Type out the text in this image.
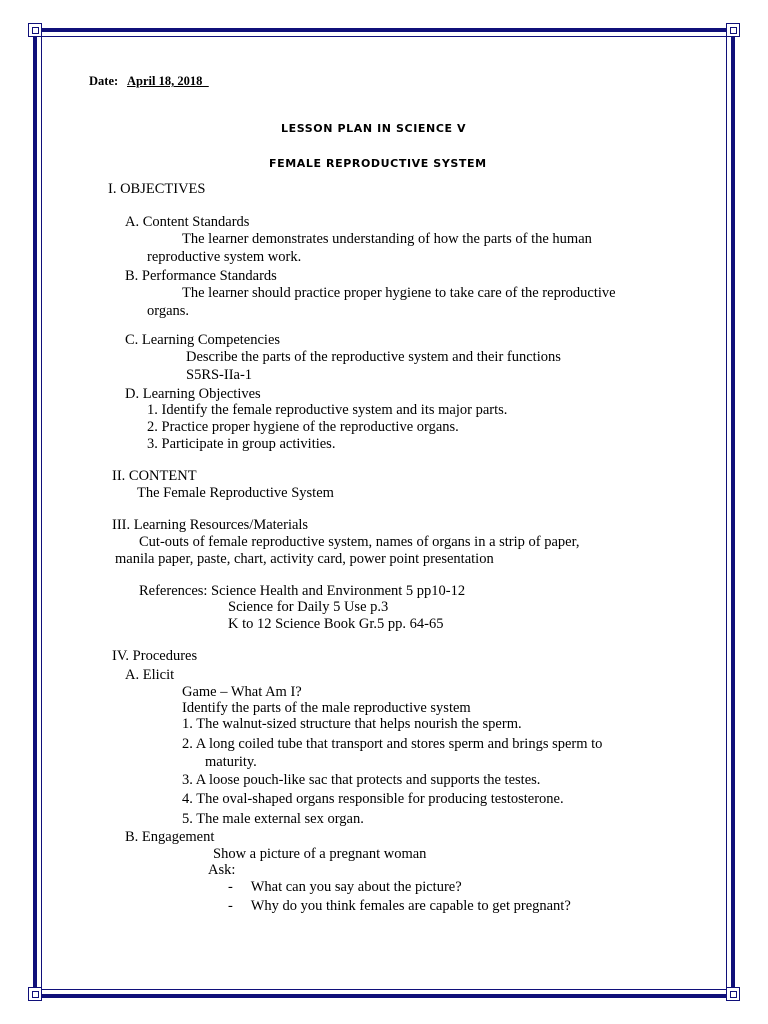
Date: April 18, 2018_
LESSON PLAN IN SCIENCE V
FEMALE REPRODUCTIVE SYSTEM
I. OBJECTIVES
A. Content Standards
The learner demonstrates understanding of how the parts of the human
reproductive system work.
B. Performance Standards
The learner should practice proper hygiene to take care of the reproductive
organs.
C. Learning Competencies
Describe the parts of the reproductive system and their functions
S5RS-IIa-1
D. Learning Objectives
1. Identify the female reproductive system and its major parts.
2. Practice proper hygiene of the reproductive organs.
3. Participate in group activities.
II. CONTENT
The Female Reproductive System
III. Learning Resources/Materials
Cut-outs of female reproductive system, names of organs in a strip of paper,
manila paper, paste, chart, activity card, power point presentation
References: Science Health and Environment 5 pp10-12
Science for Daily 5 Use p.3
K to 12 Science Book Gr.5 pp. 64-65
IV. Procedures
A. Elicit
Game – What Am I?
Identify the parts of the male reproductive system
1. The walnut-sized structure that helps nourish the sperm.
2. A long coiled tube that transport and stores sperm and brings sperm to
maturity.
3. A loose pouch-like sac that protects and supports the testes.
4. The oval-shaped organs responsible for producing testosterone.
5. The male external sex organ.
B. Engagement
Show a picture of a pregnant woman
Ask:
-     What can you say about the picture?
-     Why do you think females are capable to get pregnant?
